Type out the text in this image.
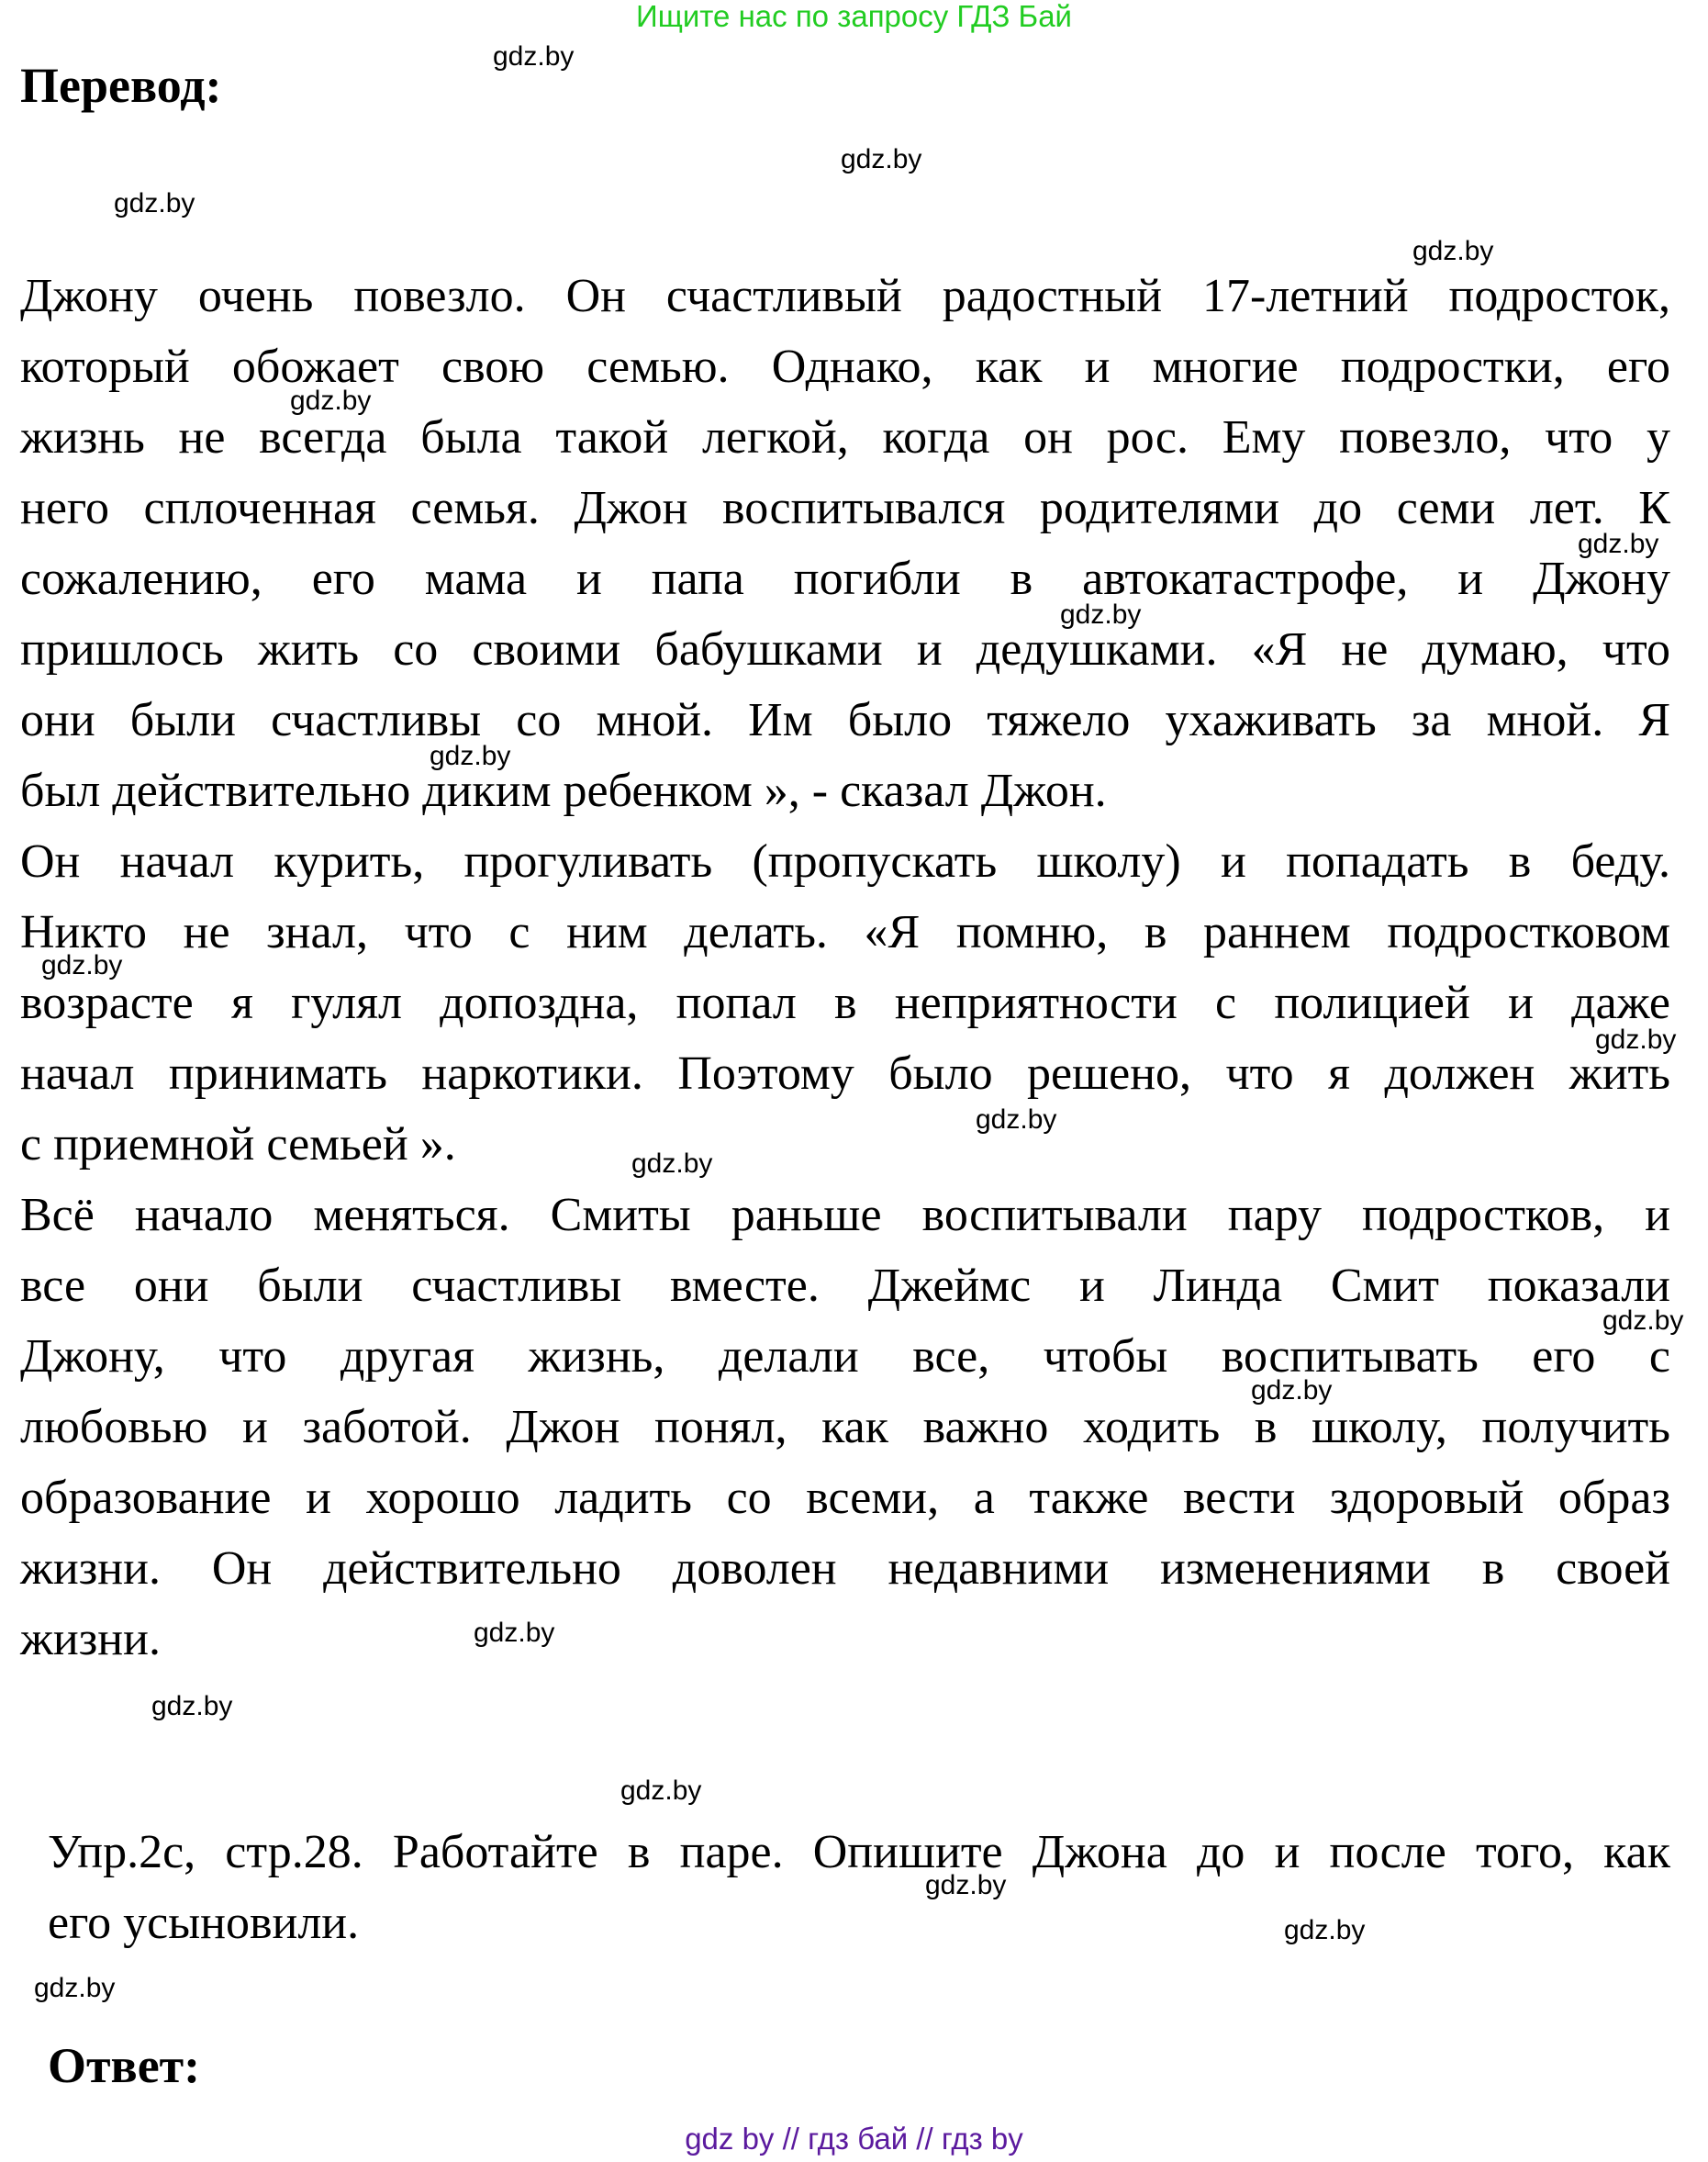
Ищите нас по запросу ГДЗ Бай
Перевод:
Джону очень повезло. Он счастливый радостный 17-летний подросток,
который обожает свою семью. Однако, как и многие подростки, его
жизнь не всегда была такой легкой, когда он рос. Ему повезло, что у
него сплоченная семья. Джон воспитывался родителями до семи лет. К
сожалению, его мама и папа погибли в автокатастрофе, и Джону
пришлось жить со своими бабушками и дедушками. «Я не думаю, что
они были счастливы со мной. Им было тяжело ухаживать за мной. Я
был действительно диким ребенком », - сказал Джон.
Он начал курить, прогуливать (пропускать школу) и попадать в беду.
Никто не знал, что с ним делать. «Я помню, в раннем подростковом
возрасте я гулял допоздна, попал в неприятности с полицией и даже
начал принимать наркотики. Поэтому было решено, что я должен жить
с приемной семьей ».
Всё начало меняться. Смиты раньше воспитывали пару подростков, и
все они были счастливы вместе. Джеймс и Линда Смит показали
Джону, что другая жизнь, делали все, чтобы воспитывать его с
любовью и заботой. Джон понял, как важно ходить в школу, получить
образование и хорошо ладить со всеми, а также вести здоровый образ
жизни. Он действительно доволен недавними изменениями в своей
жизни.
Упр.2c, стр.28. Работайте в паре. Опишите Джона до и после того, как
его усыновили.
Ответ:
gdz.by
gdz.by
gdz.by
gdz.by
gdz.by
gdz.by
gdz.by
gdz.by
gdz.by
gdz.by
gdz.by
gdz.by
gdz.by
gdz.by
gdz.by
gdz.by
gdz.by
gdz.by
gdz.by
gdz.by
gdz by // гдз бай // гдз by
